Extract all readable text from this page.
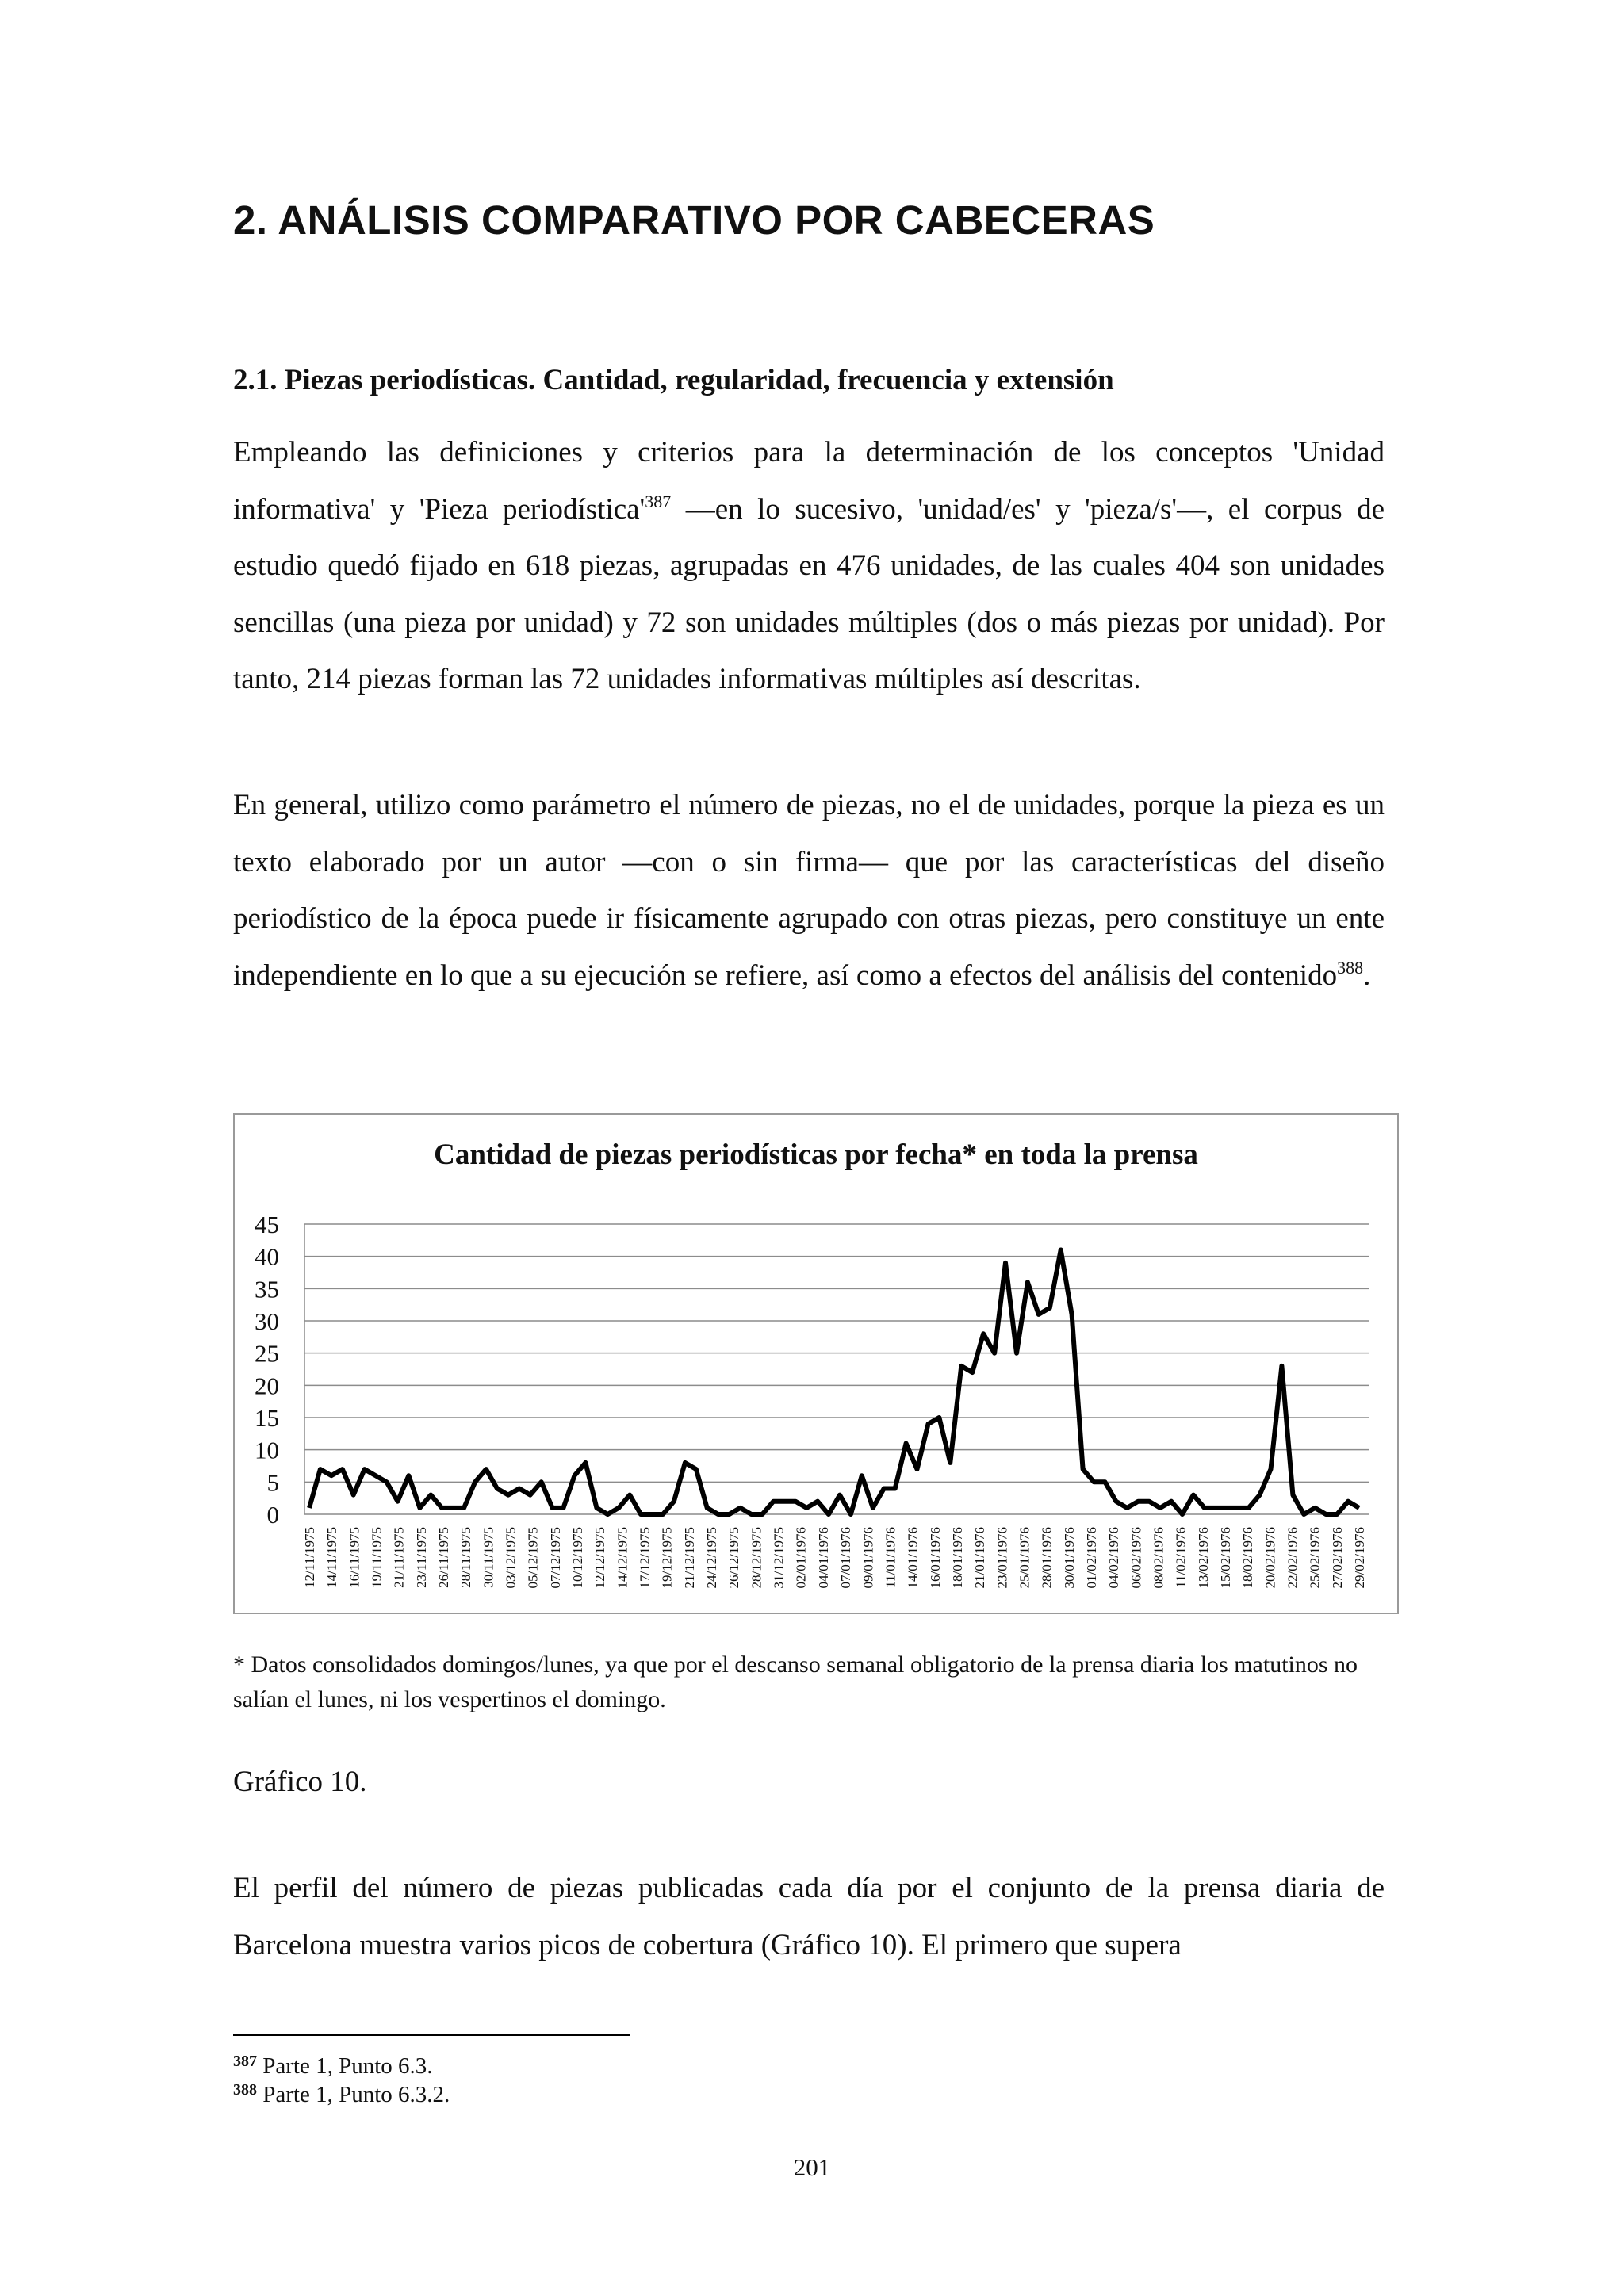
2. ANÁLISIS COMPARATIVO POR CABECERAS
2.1. Piezas periodísticas. Cantidad, regularidad, frecuencia y extensión

Empleando las definiciones y criterios para la determinación de los conceptos 'Unidad informativa' y 'Pieza $periodística'^{387}$ —en lo sucesivo, 'unidad/es' y 'pieza/s'—, el corpus de estudio quedó fijado en 618 piezas, agrupadas en 476 unidades, de las cuales 404 son unidades sencillas (una pieza por unidad) y 72 son unidades múltiples (dos o más piezas por unidad). Por tanto, 214 piezas forman las 72 unidades informativas múltiples así descritas.

En general, utilizo como parámetro el número de piezas, no el de unidades, porque la pieza es un texto elaborado por un autor —con o sin firma— que por las características del diseño periodístico de la época puede ir físicamente agrupado con otras piezas, pero constituye un ente independiente en lo que a su ejecución se refiere, así como a efectos del análisis del contenido$^{388}$.

Cantidad de piezas periodísticas por fecha* en toda la prensa
45
40
35
30
25
20
15
10
5
0
12/11/1975 14/11/1975 16/11/1975 19/11/1975 21/11/1975 23/11/1975 26/11/1975 28/11/1975 30/11/1975 03/12/1975 05/12/1975 07/12/1975 10/12/1975 12/12/1975 14/12/1975 17/12/1975 19/12/1975 21/12/1975 24/12/1975 26/12/1975 28/12/1975 31/12/1975 02/01/1976 04/01/1976 07/01/1976 09/01/1976 11/01/1976 14/01/1976 16/01/1976 18/01/1976 21/01/1976 23/01/1976 25/01/1976 28/01/1976 30/01/1976 01/02/1976 04/02/1976 06/02/1976 08/02/1976 11/02/1976 13/02/1976 15/02/1976 18/02/1976 20/02/1976 22/02/1976 25/02/1976 27/02/1976 29/02/1976

* Datos consolidados domingos/lunes, ya que por el descanso semanal obligatorio de la prensa diaria los matutinos no salían el lunes, ni los vespertinos el domingo.

Gráfico 10.

El perfil del número de piezas publicadas cada día por el conjunto de la prensa diaria de Barcelona muestra varios picos de cobertura (Gráfico 10). El primero que supera

$^{387}$ Parte 1, Punto 6.3.

$^{388}$ Parte 1, Punto 6.3.2.

201
